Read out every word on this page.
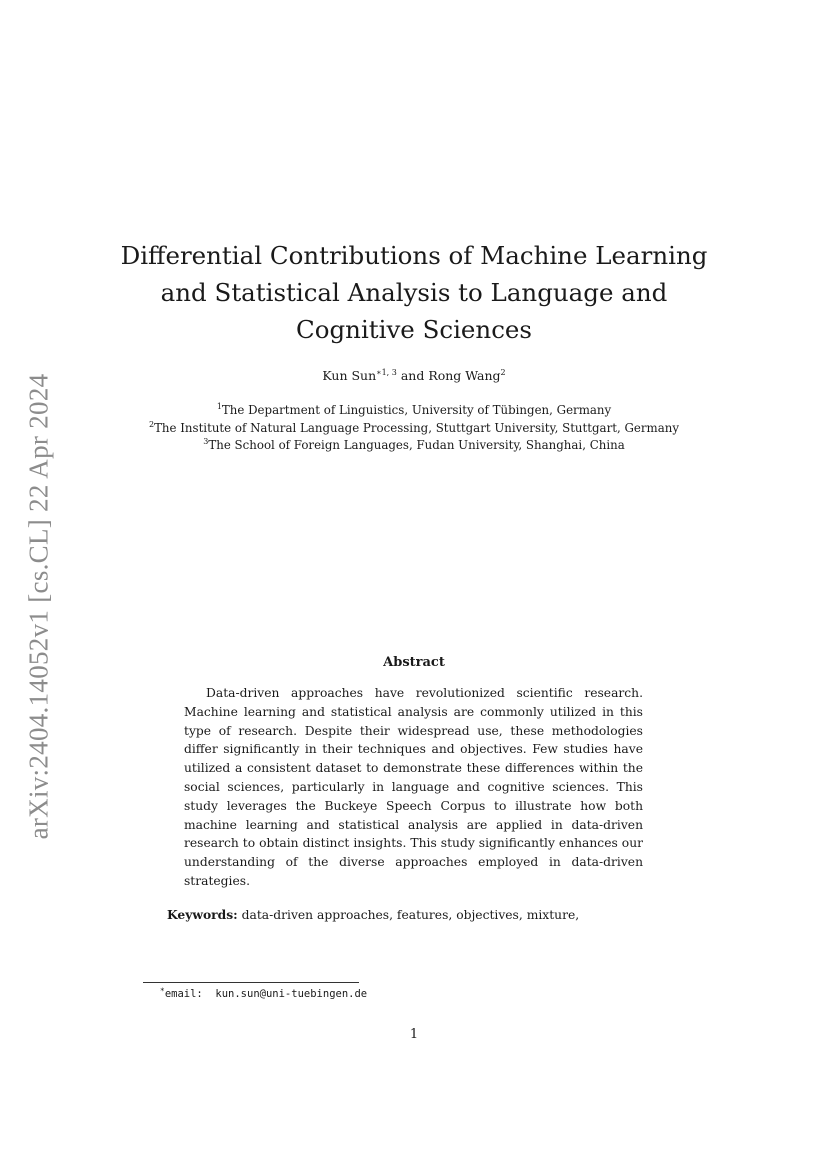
arXiv:2404.14052v1 [cs.CL] 22 Apr 2024
Differential Contributions of Machine Learning and Statistical Analysis to Language and Cognitive Sciences
Kun Sun$^{∗1, 3}$ and Rong Wang$^2$
$^1$The Department of Linguistics, University of Tübingen, Germany
$^2$The Institute of Natural Language Processing, Stuttgart University, Stuttgart, Germany
$^3$The School of Foreign Languages, Fudan University, Shanghai, China
Abstract

Data-driven approaches have revolutionized scientific research. Machine learning and statistical analysis are commonly utilized in this type of research. Despite their widespread use, these methodologies differ significantly in their techniques and objectives. Few studies have utilized a consistent dataset to demonstrate these differences within the social sciences, particularly in language and cognitive sciences. This study leverages the Buckeye Speech Corpus to illustrate how both machine learning and statistical analysis are applied in data-driven research to obtain distinct insights. This study significantly enhances our understanding of the diverse approaches employed in data-driven strategies.

Keywords: data-driven approaches, features, objectives, mixture,
∗email:  kun.sun@uni-tuebingen.de
1
